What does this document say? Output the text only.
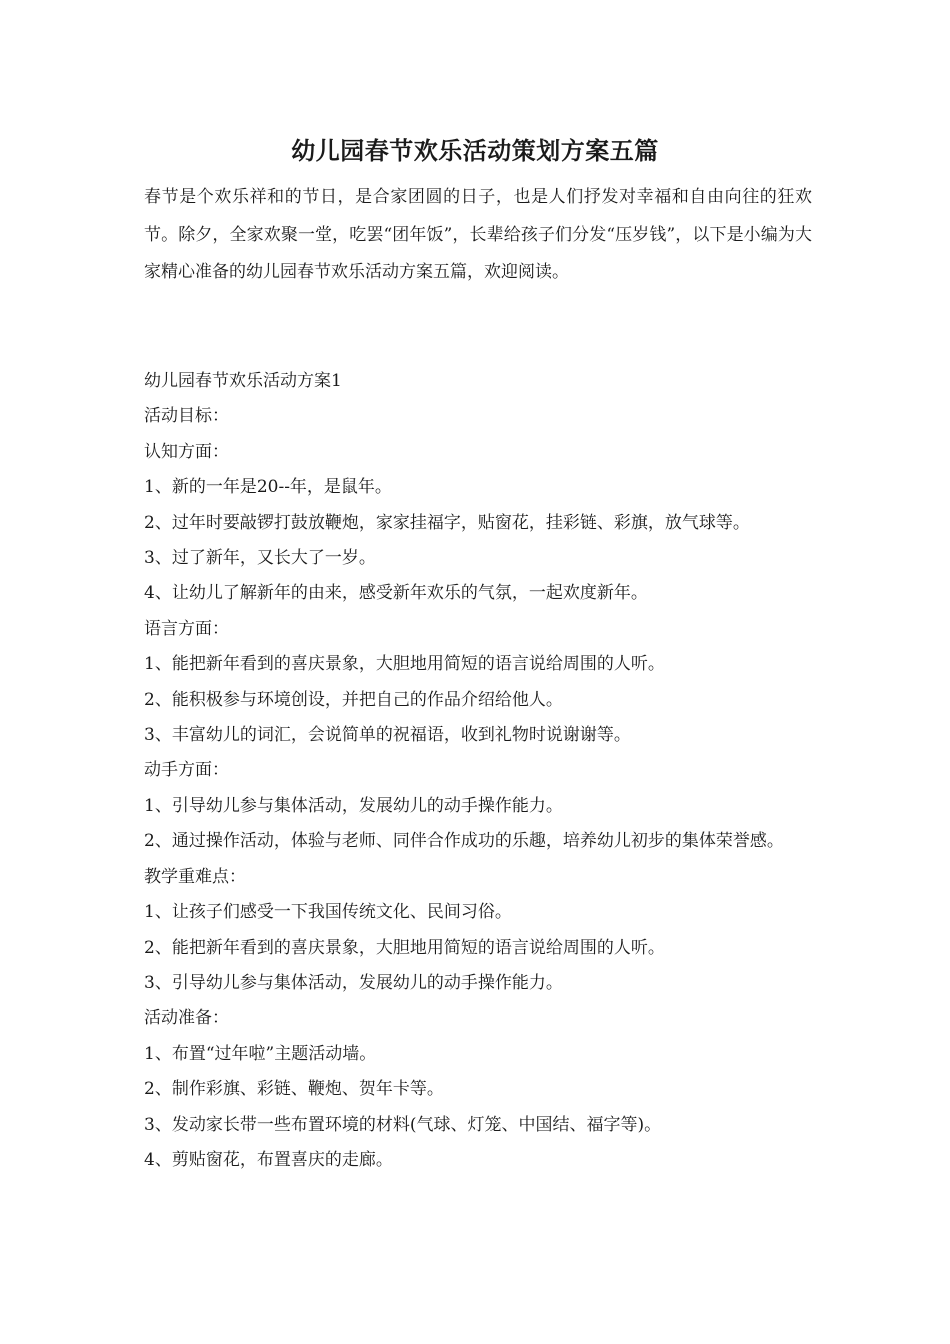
幼儿园春节欢乐活动策划方案五篇

春节是个欢乐祥和的节日，是合家团圆的日子，也是人们抒发对幸福和自由向往的狂欢节。除夕，全家欢聚一堂，吃罢“团年饭”，长辈给孩子们分发“压岁钱”，以下是小编为大家精心准备的幼儿园春节欢乐活动方案五篇，欢迎阅读。

幼儿园春节欢乐活动方案1

活动目标：

认知方面：

1、新的一年是20--年，是鼠年。

2、过年时要敲锣打鼓放鞭炮，家家挂福字，贴窗花，挂彩链、彩旗，放气球等。

3、过了新年，又长大了一岁。

4、让幼儿了解新年的由来，感受新年欢乐的气氛，一起欢度新年。

语言方面：

1、能把新年看到的喜庆景象，大胆地用简短的语言说给周围的人听。

2、能积极参与环境创设，并把自己的作品介绍给他人。

3、丰富幼儿的词汇，会说简单的祝福语，收到礼物时说谢谢等。

动手方面：

1、引导幼儿参与集体活动，发展幼儿的动手操作能力。

2、通过操作活动，体验与老师、同伴合作成功的乐趣，培养幼儿初步的集体荣誉感。

教学重难点：

1、让孩子们感受一下我国传统文化、民间习俗。

2、能把新年看到的喜庆景象，大胆地用简短的语言说给周围的人听。

3、引导幼儿参与集体活动，发展幼儿的动手操作能力。

活动准备：

1、布置“过年啦”主题活动墙。

2、制作彩旗、彩链、鞭炮、贺年卡等。

3、发动家长带一些布置环境的材料(气球、灯笼、中国结、福字等)。

4、剪贴窗花，布置喜庆的走廊。
